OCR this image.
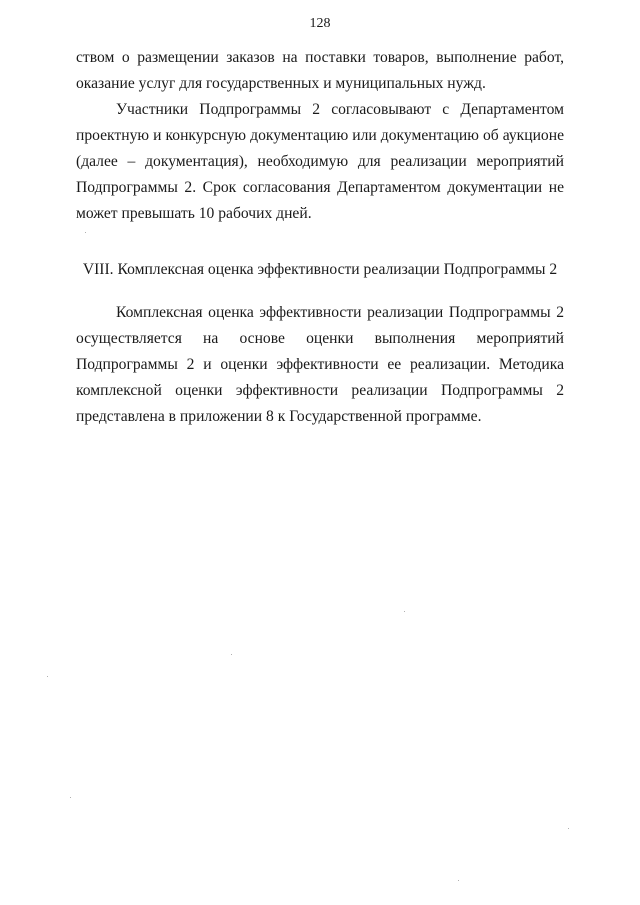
128

ством о размещении заказов на поставки товаров, выполнение работ, оказание услуг для государственных и муниципальных нужд.

Участники Подпрограммы 2 согласовывают с Департаментом проектную и конкурсную документацию или документацию об аукционе (далее – документация), необходимую для реализации мероприятий Подпрограммы 2. Срок согласования Департаментом документации не может превышать 10 рабочих дней.

VIII. Комплексная оценка эффективности реализации Подпрограммы 2

Комплексная оценка эффективности реализации Подпрограммы 2 осуществляется на основе оценки выполнения мероприятий Подпрограммы 2 и оценки эффективности ее реализации. Методика комплексной оценки эффективности реализации Подпрограммы 2 представлена в приложении 8 к Государственной программе.
